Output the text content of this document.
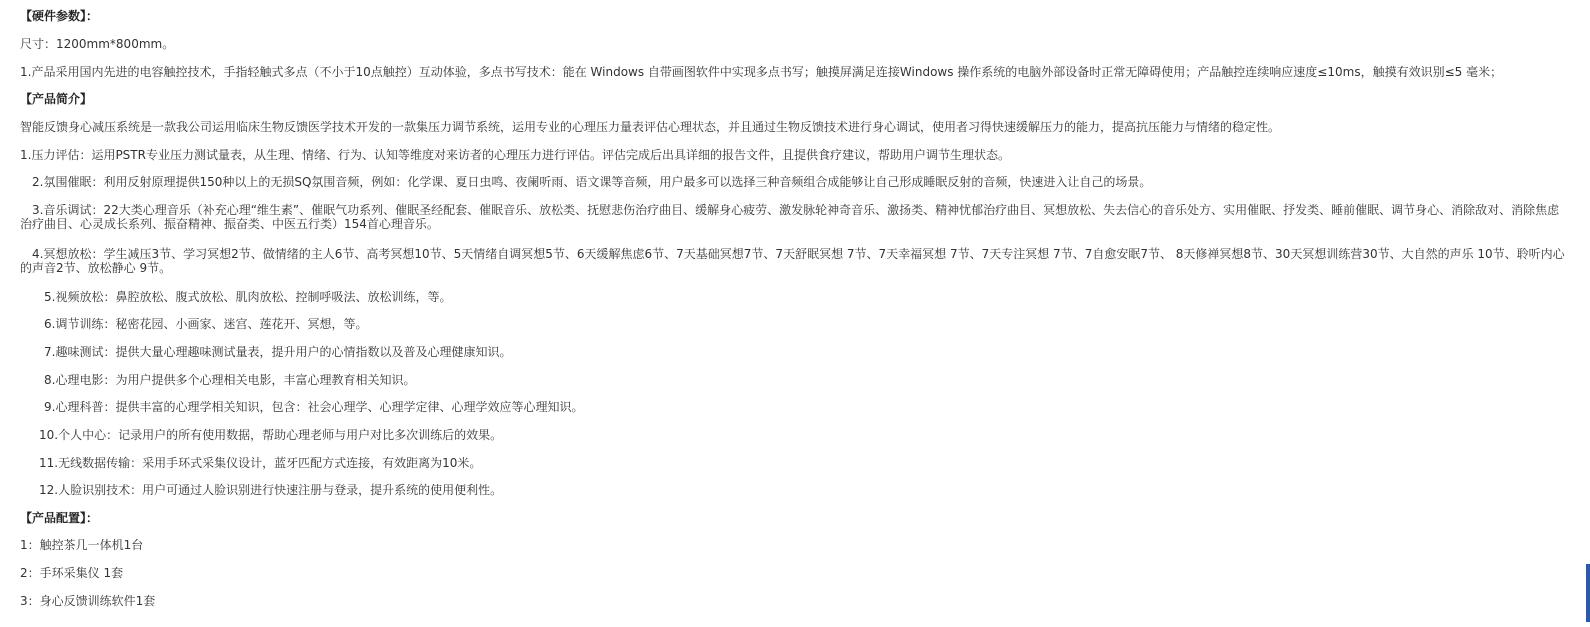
【硬件参数】：
尺寸：1200mm*800mm。
1.产品采用国内先进的电容触控技术，手指轻触式多点（不小于10点触控）互动体验，多点书写技术：能在 Windows 自带画图软件中实现多点书写；触摸屏满足连接Windows 操作系统的电脑外部设备时正常无障碍使用；产品触控连续响应速度≤10ms，触摸有效识别≤5 毫米；
【产品简介】
智能反馈身心减压系统是一款我公司运用临床生物反馈医学技术开发的一款集压力调节系统，运用专业的心理压力量表评估心理状态，并且通过生物反馈技术进行身心调试，使用者习得快速缓解压力的能力，提高抗压能力与情绪的稳定性。
1.压力评估：运用PSTR专业压力测试量表，从生理、情绪、行为、认知等维度对来访者的心理压力进行评估。评估完成后出具详细的报告文件，且提供食疗建议，帮助用户调节生理状态。
2.氛围催眠：利用反射原理提供150种以上的无损SQ氛围音频，例如：化学课、夏日虫鸣、夜阑听雨、语文课等音频，用户最多可以选择三种音频组合成能够让自己形成睡眠反射的音频，快速进入让自己的场景。
3.音乐调试：22大类心理音乐（补充心理“维生素”、催眠气功系列、催眠圣经配套、催眠音乐、放松类、抚慰悲伤治疗曲目、缓解身心疲劳、激发脉轮神奇音乐、激扬类、精神忧郁治疗曲目、冥想放松、失去信心的音乐处方、实用催眠、抒发类、睡前催眠、调节身心、消除敌对、消除焦虑治疗曲目、心灵成长系列、振奋精神、振奋类、中医五行类）154首心理音乐。
4.冥想放松：学生减压3节、学习冥想2节、做情绪的主人6节、高考冥想10节、5天情绪自调冥想5节、6天缓解焦虑6节、7天基础冥想7节、7天舒眠冥想 7节、7天幸福冥想 7节、7天专注冥想 7节、7自愈安眠7节、 8天修禅冥想8节、30天冥想训练营30节、大自然的声乐 10节、聆听内心的声音2节、放松静心 9节。
5.视频放松：鼻腔放松、腹式放松、肌肉放松、控制呼吸法、放松训练，等。
6.调节训练：秘密花园、小画家、迷宫、莲花开、冥想，等。
7.趣味测试：提供大量心理趣味测试量表，提升用户的心情指数以及普及心理健康知识。
8.心理电影：为用户提供多个心理相关电影，丰富心理教育相关知识。
9.心理科普：提供丰富的心理学相关知识，包含：社会心理学、心理学定律、心理学效应等心理知识。
10.个人中心：记录用户的所有使用数据，帮助心理老师与用户对比多次训练后的效果。
11.无线数据传输：采用手环式采集仪设计，蓝牙匹配方式连接，有效距离为10米。
12.人脸识别技术：用户可通过人脸识别进行快速注册与登录，提升系统的使用便利性。
【产品配置】：
1：触控茶几一体机1台
2：手环采集仪 1套
3：身心反馈训练软件1套
